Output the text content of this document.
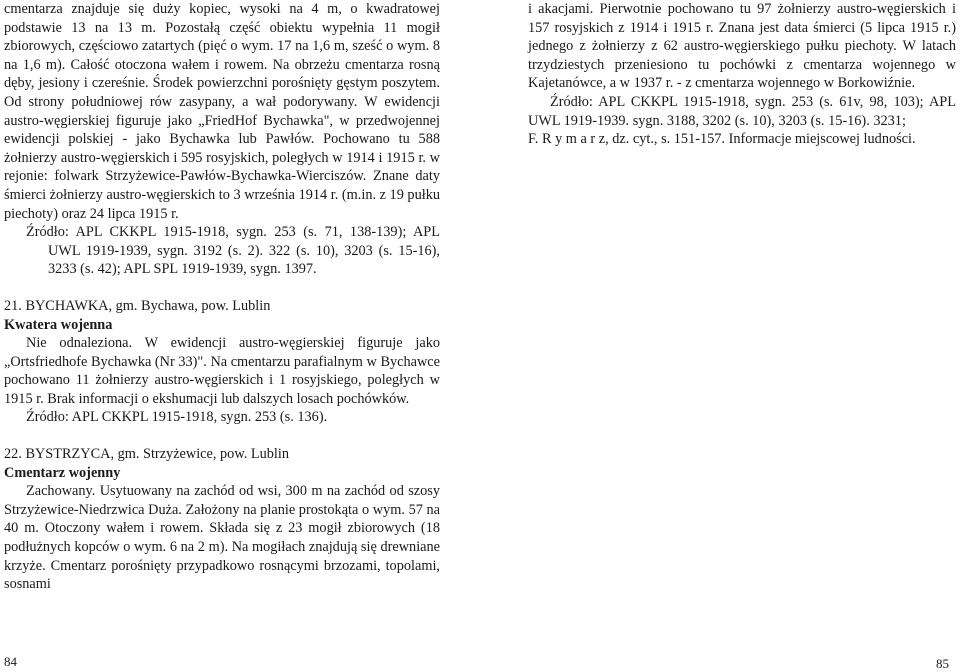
cmentarza znajduje się duży kopiec, wysoki na 4 m, o kwadratowej podstawie 13 na 13 m. Pozostałą część obiektu wypełnia 11 mogił zbiorowych, częściowo zatartych (pięć o wym. 17 na 1,6 m, sześć o wym. 8 na 1,6 m). Całość otoczona wałem i rowem. Na obrzeżu cmentarza rosną dęby, jesiony i czereśnie. Środek powierzchni porośnięty gęstym poszytem. Od strony południowej rów zasypany, a wał podorywany. W ewidencji austro-węgierskiej figuruje jako „FriedHof Bychawka", w przedwojennej ewidencji polskiej - jako Bychawka lub Pawłów. Pochowano tu 588 żołnierzy austro-węgierskich i 595 rosyjskich, poległych w 1914 i 1915 r. w rejonie: folwark Strzyżewice-Pawłów-Bychawka-Wierciszów. Znane daty śmierci żołnierzy austro-węgierskich to 3 września 1914 r. (m.in. z 19 pułku piechoty) oraz 24 lipca 1915 r.

Źródło: APL CKKPL 1915-1918, sygn. 253 (s. 71, 138-139); APL UWL 1919-1939, sygn. 3192 (s. 2). 322 (s. 10), 3203 (s. 15-16), 3233 (s. 42); APL SPL 1919-1939, sygn. 1397.

21. BYCHAWKA, gm. Bychawa, pow. Lublin

Kwatera wojenna

Nie odnaleziona. W ewidencji austro-węgierskiej figuruje jako „Ortsfriedhofe Bychawka (Nr 33)". Na cmentarzu parafialnym w Bychawce pochowano 11 żołnierzy austro-węgierskich i 1 rosyjskiego, poległych w 1915 r. Brak informacji o ekshumacji lub dalszych losach pochówków.

Źródło: APL CKKPL 1915-1918, sygn. 253 (s. 136).

22. BYSTRZYCA, gm. Strzyżewice, pow. Lublin

Cmentarz wojenny

Zachowany. Usytuowany na zachód od wsi, 300 m na zachód od szosy Strzyżewice-Niedrzwica Duża. Założony na planie prostokąta o wym. 57 na 40 m. Otoczony wałem i rowem. Składa się z 23 mogił zbiorowych (18 podłużnych kopców o wym. 6 na 2 m). Na mogiłach znajdują się drewniane krzyże. Cmentarz porośnięty przypadkowo rosnącymi brzozami, topolami, sosnami

i akacjami. Pierwotnie pochowano tu 97 żołnierzy austro-węgierskich i 157 rosyjskich z 1914 i 1915 r. Znana jest data śmierci (5 lipca 1915 r.) jednego z żołnierzy z 62 austro-węgierskiego pułku piechoty. W latach trzydziestych przeniesiono tu pochówki z cmentarza wojennego w Kajetanówce, a w 1937 r. - z cmentarza wojennego w Borkowiźnie.

Źródło: APL CKKPL 1915-1918, sygn. 253 (s. 61v, 98, 103); APL UWL 1919-1939. sygn. 3188, 3202 (s. 10), 3203 (s. 15-16). 3231;

F. R y m a r z, dz. cyt., s. 151-157. Informacje miejscowej ludności.

84	85
